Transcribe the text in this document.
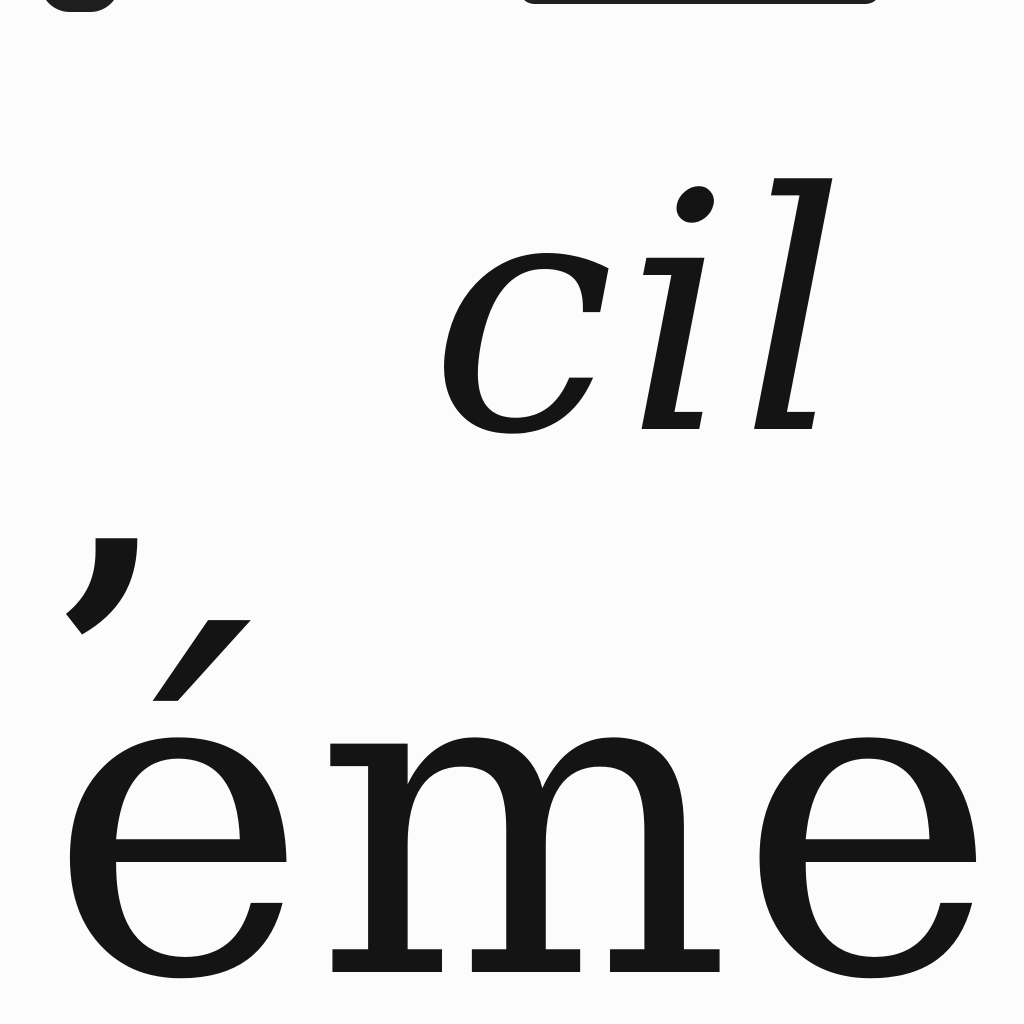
, cil
éme
